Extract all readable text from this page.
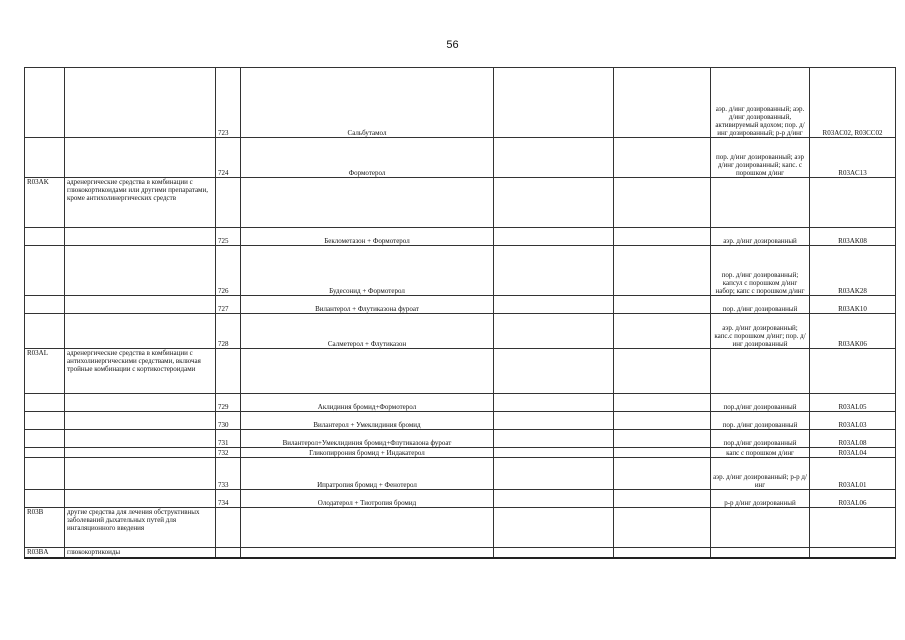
56
		723	Сальбутамол			аэр. д/инг дозированный; аэр. д/инг дозированный, активируемый вдохом; пор. д/инг дозированный; р-р д/инг	R03AC02, R03CC02
		724	Формотерол			пор. д/инг дозированный; аэр д/инг дозированный; капс. с порошком д/инг	R03AC13
R03AK	адренергические средства в комбинации с глюкокортикоидами или другими препаратами, кроме антихолинергических средств						
		725	Беклометазон + Формотерол			аэр. д/инг дозированный	R03AK08
		726	Будесонид + Формотерол			пор. д/инг дозированный; капсул с порошком д/инг набор; капс с порошком д/инг	R03AK28
		727	Вилантерол + Флутиказона фуроат			пор. д/инг дозированный	R03AK10
		728	Салметерол + Флутиказон			аэр. д/инг дозированный; капс.с порошком д/инг; пор. д/инг дозированный	R03AK06
R03AL	адренергические средства в комбинации с антихолинергическими средствами, включая тройные комбинации с кортикостероидами						
		729	Аклидиния бромид+Формотерол			пор.д/инг дозированный	R03AL05
		730	Вилантерол + Умеклидиния бромид			пор. д/инг дозированный	R03AL03
		731	Вилантерол+Умеклидиния бромид+Флутиказона фуроат			пор.д/инг дозированный	R03AL08
		732	Гликопиррония бромид + Индакатерол			капс с порошком д/инг	R03AL04
		733	Ипратропия бромид + Фенотерол			аэр. д/инг дозированный; р-р д/инг	R03AL01
		734	Олодатерол + Тиотропия бромид			р-р д/инг дозированный	R03AL06
R03B	другие средства для лечения обструктивных заболеваний дыхательных путей для ингаляционного введения						
R03BA	глюкокортикоиды						
